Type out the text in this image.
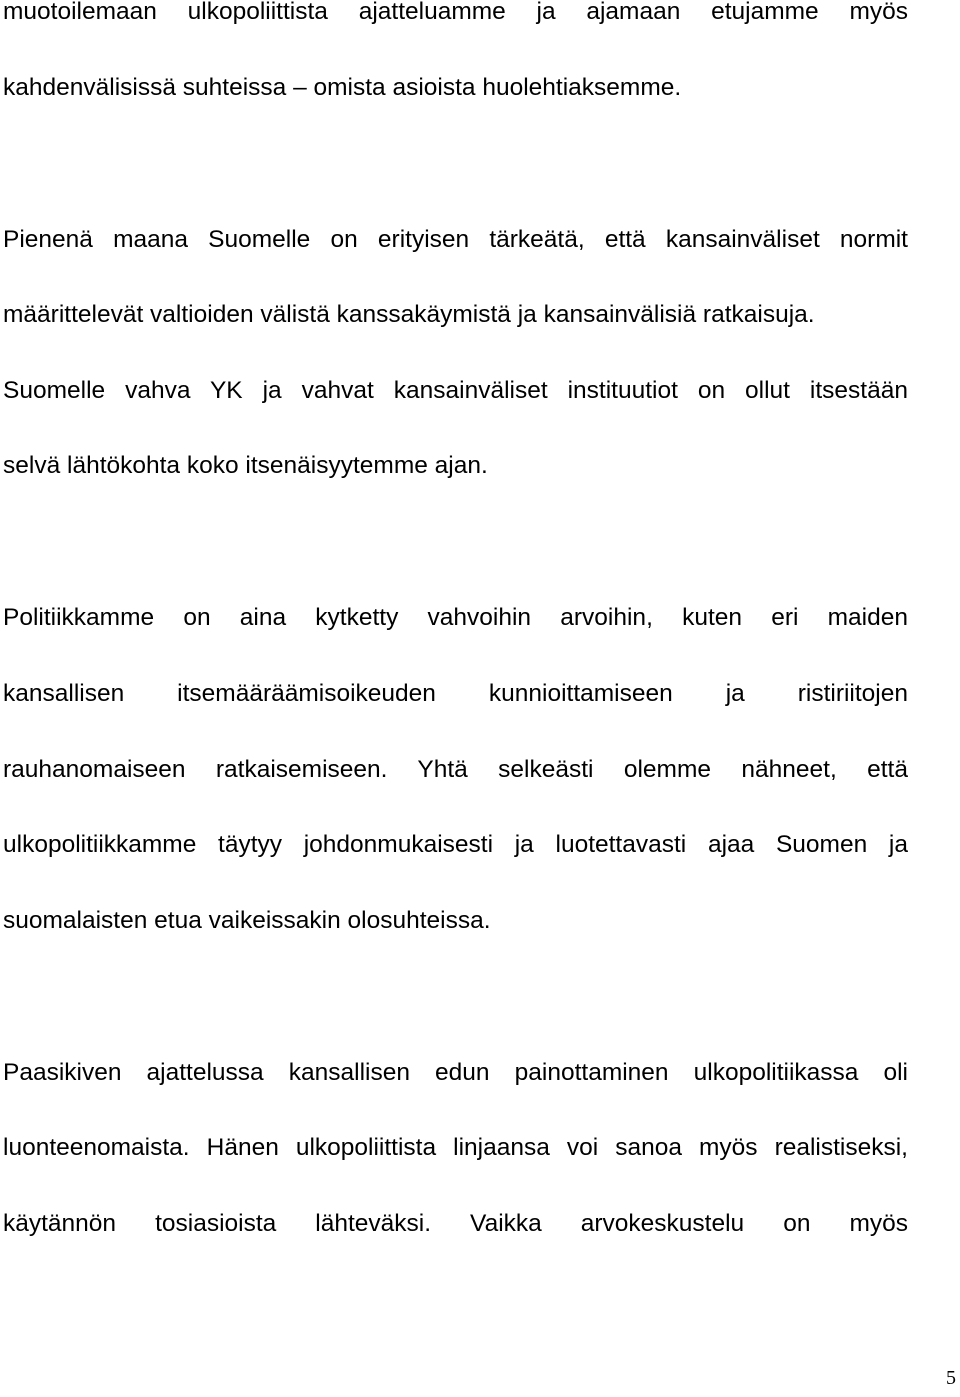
muotoilemaan ulkopoliittista ajatteluamme ja ajamaan etujamme myös
kahdenvälisissä suhteissa – omista asioista huolehtiaksemme.
Pienenä maana Suomelle on erityisen tärkeätä, että kansainväliset normit
määrittelevät valtioiden välistä kanssakäymistä ja kansainvälisiä ratkaisuja.
Suomelle vahva YK ja vahvat kansainväliset instituutiot on ollut itsestään
selvä lähtökohta koko itsenäisyytemme ajan.
Politiikkamme on aina kytketty vahvoihin arvoihin, kuten eri maiden
kansallisen itsemääräämisoikeuden kunnioittamiseen ja ristiriitojen
rauhanomaiseen ratkaisemiseen. Yhtä selkeästi olemme nähneet, että
ulkopolitiikkamme täytyy johdonmukaisesti ja luotettavasti ajaa Suomen ja
suomalaisten etua vaikeissakin olosuhteissa.
Paasikiven ajattelussa kansallisen edun painottaminen ulkopolitiikassa oli
luonteenomaista. Hänen ulkopoliittista linjaansa voi sanoa myös realistiseksi,
käytännön tosiasioista lähteväksi. Vaikka arvokeskustelu on myös
5
